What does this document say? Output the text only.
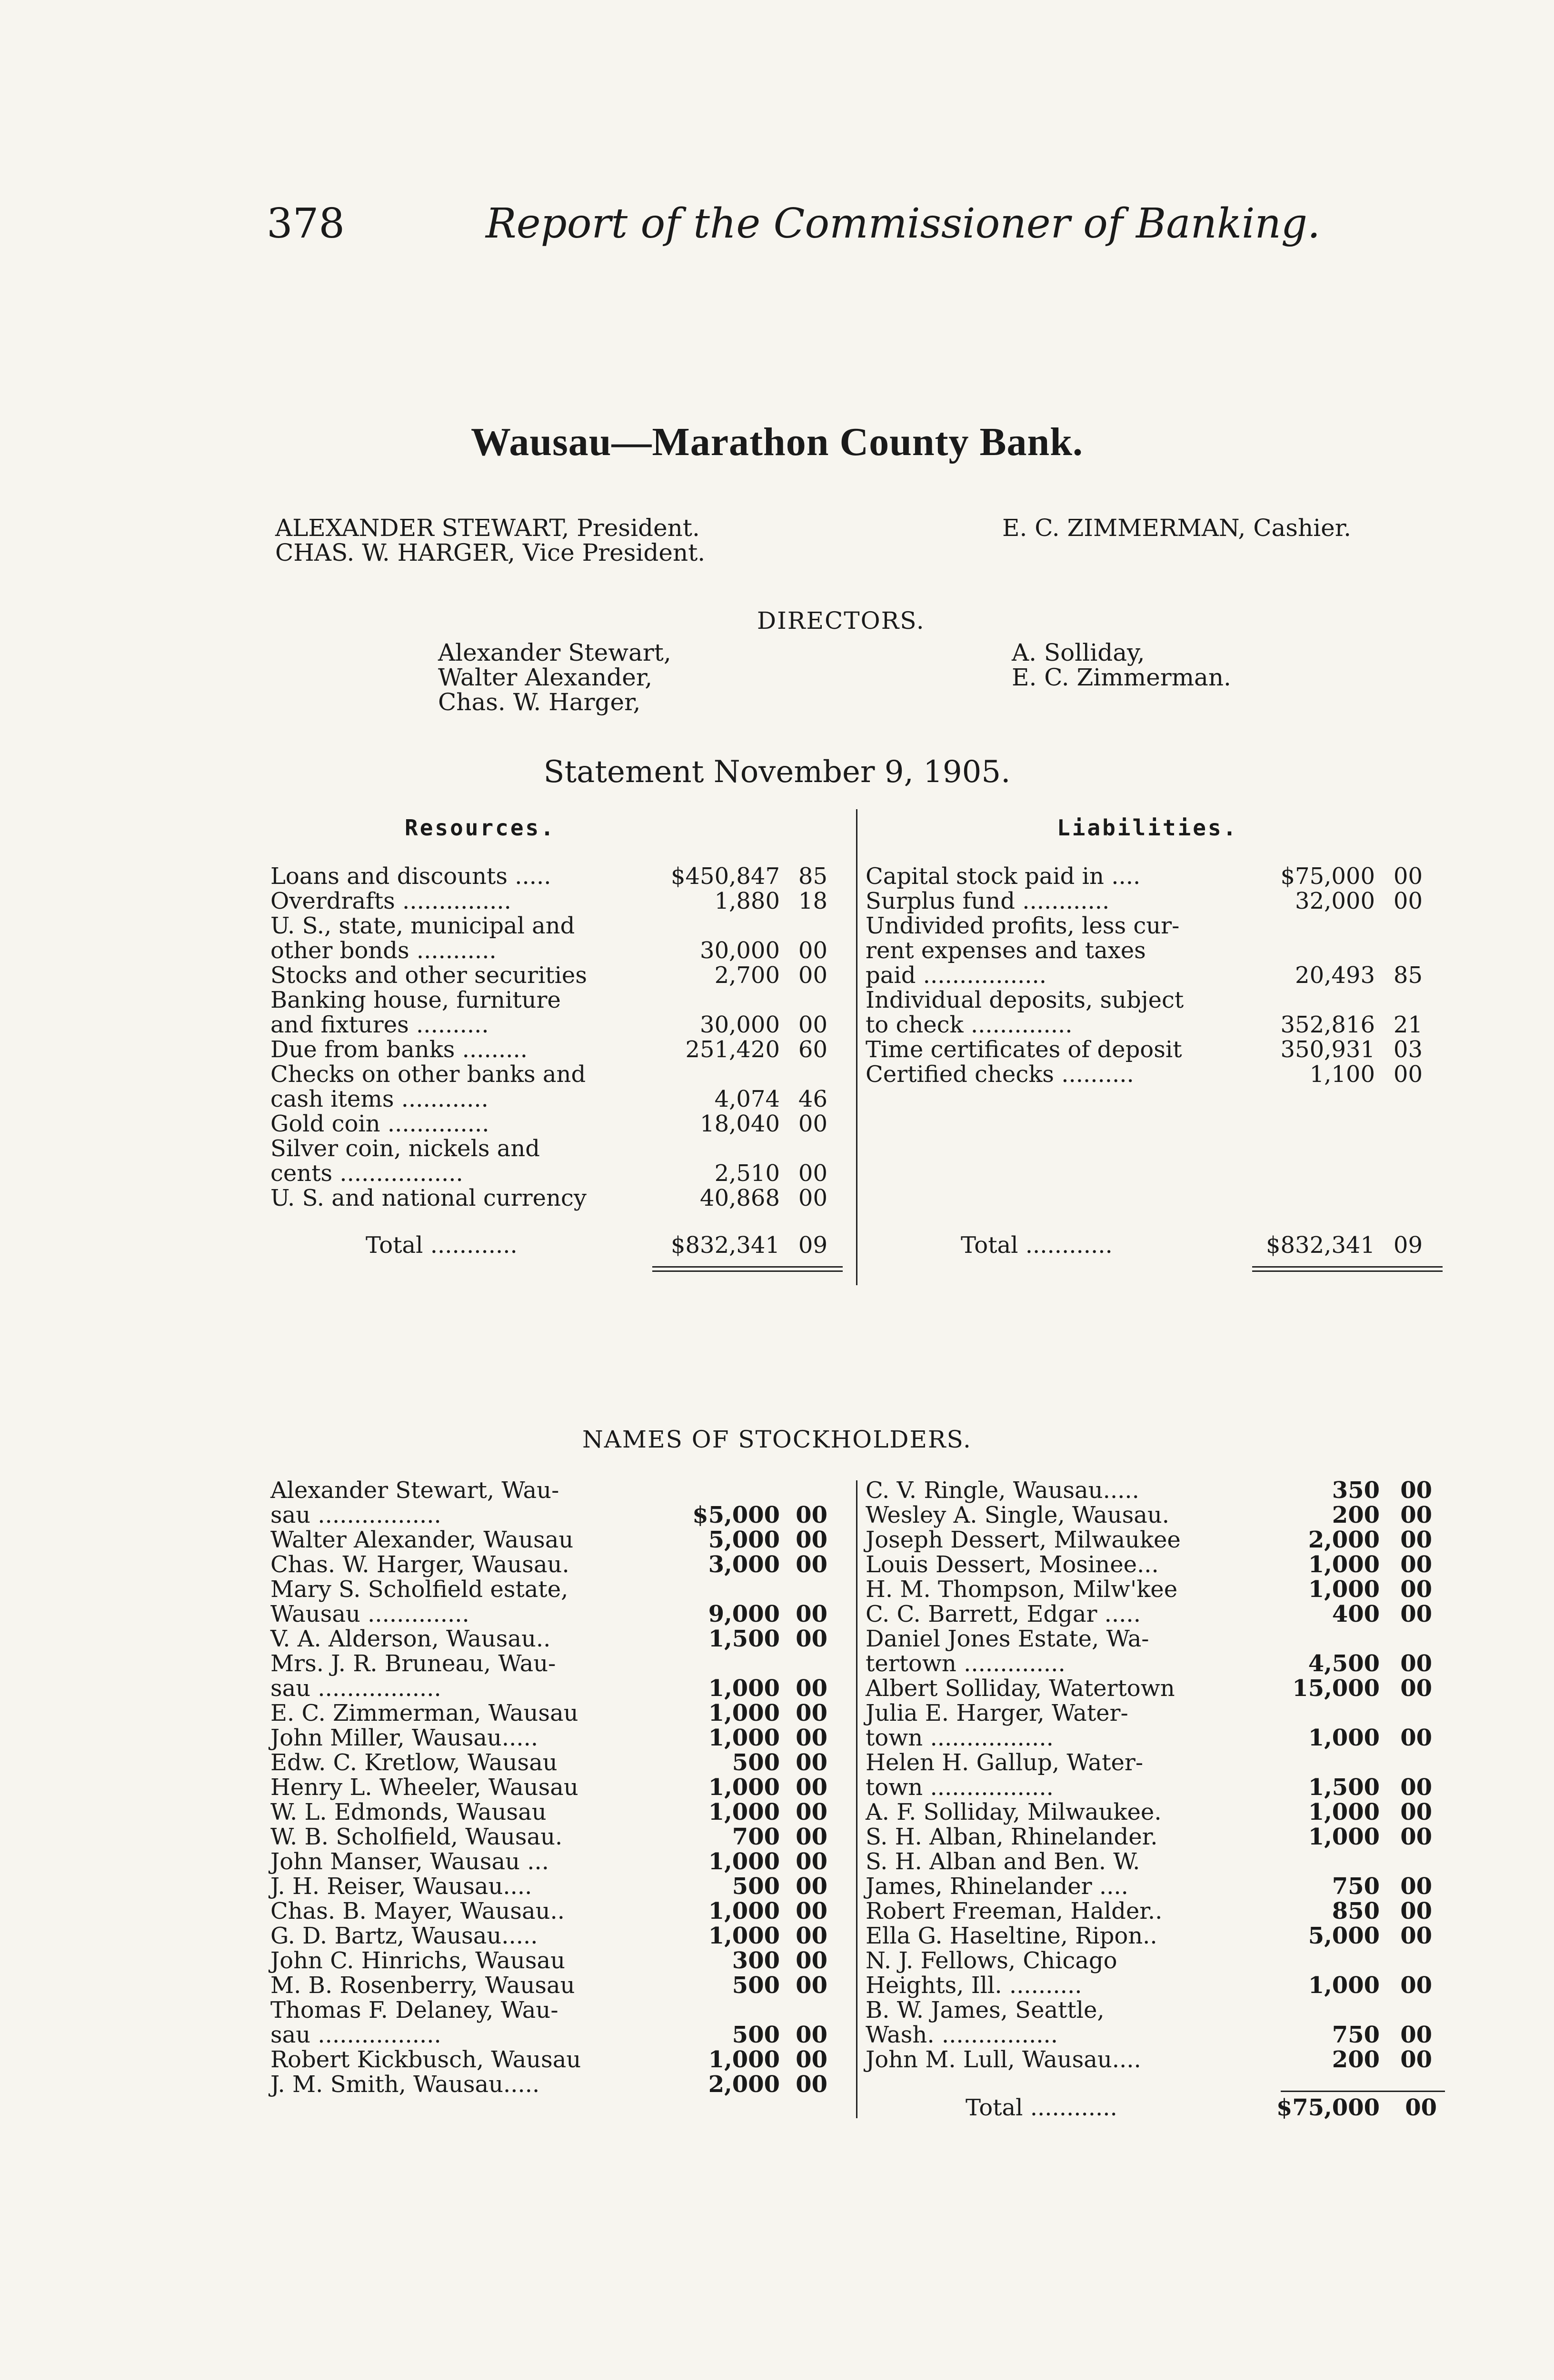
378	Report of the Commissioner of Banking.
Wausau—Marathon County Bank.
ALEXANDER STEWART, President.
CHAS. W. HARGER, Vice President.
E. C. ZIMMERMAN, Cashier.
DIRECTORS.
Alexander Stewart,
Walter Alexander,
Chas. W. Harger,
A. Solliday,
E. C. Zimmerman.
Statement November 9, 1905.
Resources.	Liabilities.
Loans and discounts .....	$450,847 85
Overdrafts ...............	1,880 18
U. S., state, municipal and
other bonds ...........	30,000 00
Stocks and other securities	2,700 00
Banking house, furniture
and fixtures ..........	30,000 00
Due from banks .........	251,420 60
Checks on other banks and
cash items ............	4,074 46
Gold coin ..............	18,040 00
Silver coin, nickels and
cents .................	2,510 00
U. S. and national currency	40,868 00
Total ............	$832,341 09
Capital stock paid in ....	$75,000 00
Surplus fund ............	32,000 00
Undivided profits, less cur-
rent expenses and taxes
paid .................	20,493 85
Individual deposits, subject
to check ..............	352,816 21
Time certificates of deposit	350,931 03
Certified checks ..........	1,100 00
Total ............	$832,341 09
NAMES OF STOCKHOLDERS.
Alexander Stewart, Wau-
sau .................	$5,000 00
Walter Alexander, Wausau	5,000 00
Chas. W. Harger, Wausau.	3,000 00
Mary S. Scholfield estate,
Wausau ..............	9,000 00
V. A. Alderson, Wausau..	1,500 00
Mrs. J. R. Bruneau, Wau-
sau .................	1,000 00
E. C. Zimmerman, Wausau	1,000 00
John Miller, Wausau.....	1,000 00
Edw. C. Kretlow, Wausau	500 00
Henry L. Wheeler, Wausau	1,000 00
W. L. Edmonds, Wausau	1,000 00
W. B. Scholfield, Wausau.	700 00
John Manser, Wausau ...	1,000 00
J. H. Reiser, Wausau....	500 00
Chas. B. Mayer, Wausau..	1,000 00
G. D. Bartz, Wausau.....	1,000 00
John C. Hinrichs, Wausau	300 00
M. B. Rosenberry, Wausau	500 00
Thomas F. Delaney, Wau-
sau .................	500 00
Robert Kickbusch, Wausau	1,000 00
J. M. Smith, Wausau.....	2,000 00
C. V. Ringle, Wausau.....	350 00
Wesley A. Single, Wausau.	200 00
Joseph Dessert, Milwaukee	2,000 00
Louis Dessert, Mosinee...	1,000 00
H. M. Thompson, Milw'kee	1,000 00
C. C. Barrett, Edgar .....	400 00
Daniel Jones Estate, Wa-
tertown ..............	4,500 00
Albert Solliday, Watertown	15,000 00
Julia E. Harger, Water-
town .................	1,000 00
Helen H. Gallup, Water-
town .................	1,500 00
A. F. Solliday, Milwaukee.	1,000 00
S. H. Alban, Rhinelander.	1,000 00
S. H. Alban and Ben. W.
James, Rhinelander ....	750 00
Robert Freeman, Halder..	850 00
Ella G. Haseltine, Ripon..	5,000 00
N. J. Fellows, Chicago
Heights, Ill. ..........	1,000 00
B. W. James, Seattle,
Wash. ................	750 00
John M. Lull, Wausau....	200 00
Total ............	$75,000	00
